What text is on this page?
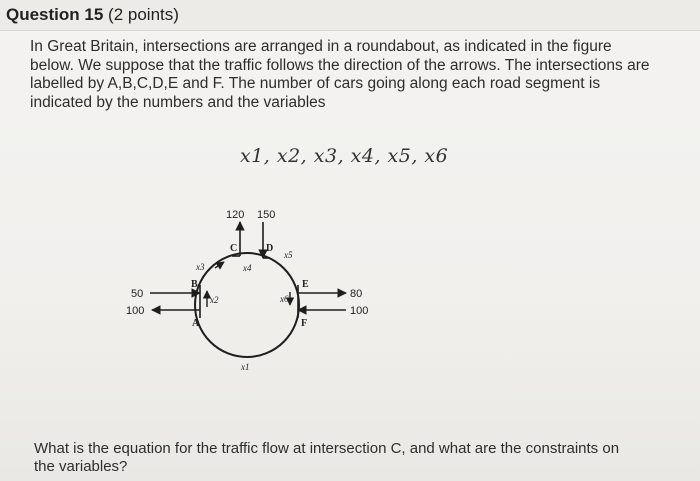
Question 15 (2 points)
In Great Britain, intersections are arranged in a roundabout, as indicated in the figure below. We suppose that the traffic follows the direction of the arrows. The intersections are labelled by A,B,C,D,E and F. The number of cars going along each road segment is indicated by the numbers and the variables
x1, x2, x3, x4, x5, x6
120 150
50
100
80
100
A
B
C	D
E
F
x1
x2
x3	x4
x5
x6
What is the equation for the traffic flow at intersection C, and what are the constraints on the variables?
